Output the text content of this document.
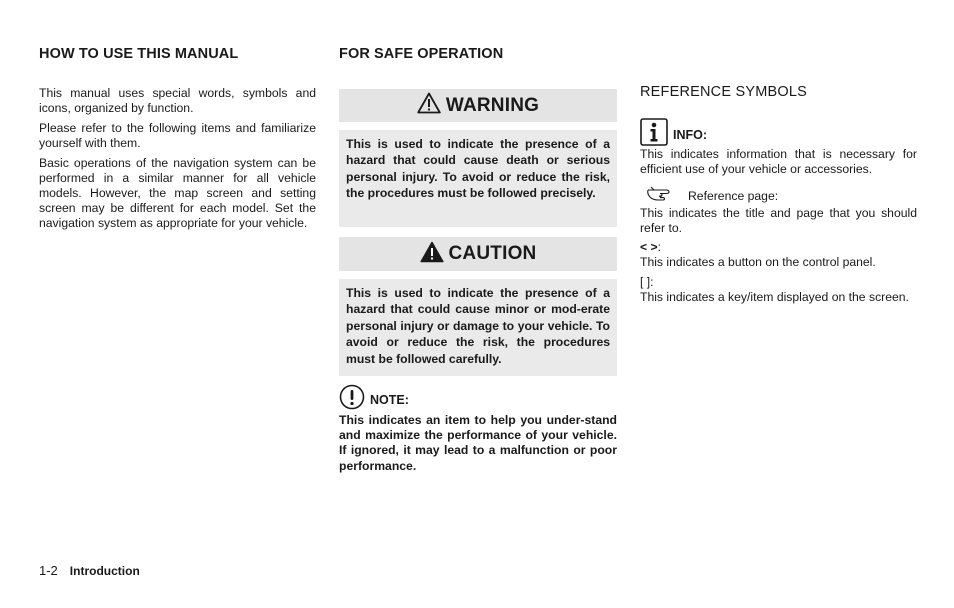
HOW TO USE THIS MANUAL

This manual uses special words, symbols and icons, organized by function.

Please refer to the following items and familiarize yourself with them.

Basic operations of the navigation system can be performed in a similar manner for all vehicle models. However, the map screen and setting screen may be different for each model. Set the navigation system as appropriate for your vehicle.

FOR SAFE OPERATION
WARNING

This is used to indicate the presence of a hazard that could cause death or serious personal injury. To avoid or reduce the risk, the procedures must be followed precisely.

CAUTION

This is used to indicate the presence of a hazard that could cause minor or mod-erate personal injury or damage to your vehicle. To avoid or reduce the risk, the procedures must be followed carefully.

NOTE:

This indicates an item to help you under-stand and maximize the performance of your vehicle. If ignored, it may lead to a malfunction or poor performance.

REFERENCE SYMBOLS
INFO:

This indicates information that is necessary for efficient use of your vehicle or accessories.

Reference page:

This indicates the title and page that you should refer to.

< >:

This indicates a button on the control panel.

[ ]:

This indicates a key/item displayed on the screen.

1-2 Introduction
